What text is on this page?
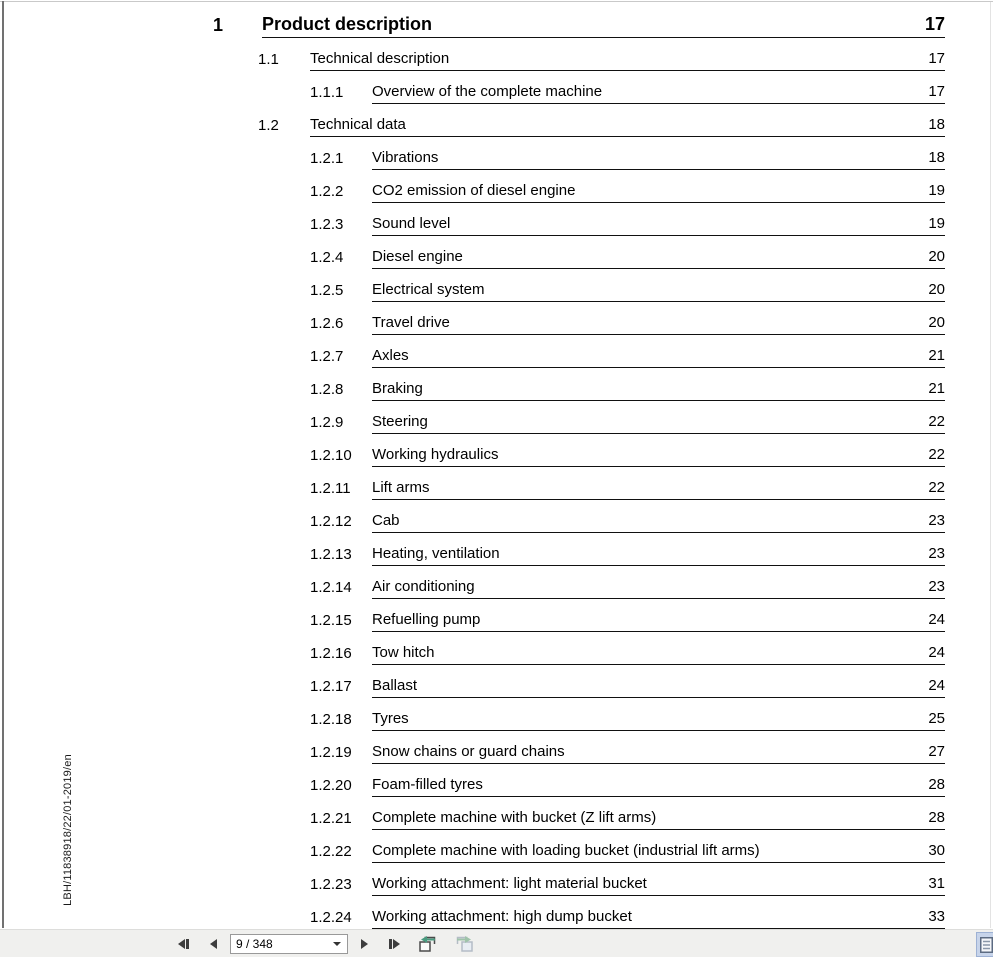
1	Product description	17
1.1	Technical description	17
1.1.1	Overview of the complete machine	17
1.2	Technical data	18
1.2.1	Vibrations	18
1.2.2	CO2 emission of diesel engine	19
1.2.3	Sound level	19
1.2.4	Diesel engine	20
1.2.5	Electrical system	20
1.2.6	Travel drive	20
1.2.7	Axles	21
1.2.8	Braking	21
1.2.9	Steering	22
1.2.10	Working hydraulics	22
1.2.11	Lift arms	22
1.2.12	Cab	23
1.2.13	Heating, ventilation	23
1.2.14	Air conditioning	23
1.2.15	Refuelling pump	24
1.2.16	Tow hitch	24
1.2.17	Ballast	24
1.2.18	Tyres	25
1.2.19	Snow chains or guard chains	27
1.2.20	Foam-filled tyres	28
1.2.21	Complete machine with bucket (Z lift arms)	28
1.2.22	Complete machine with loading bucket (industrial lift arms)	30
1.2.23	Working attachment: light material bucket	31
1.2.24	Working attachment: high dump bucket	33
LBH/11838918/22/01-2019/en
9 / 348
